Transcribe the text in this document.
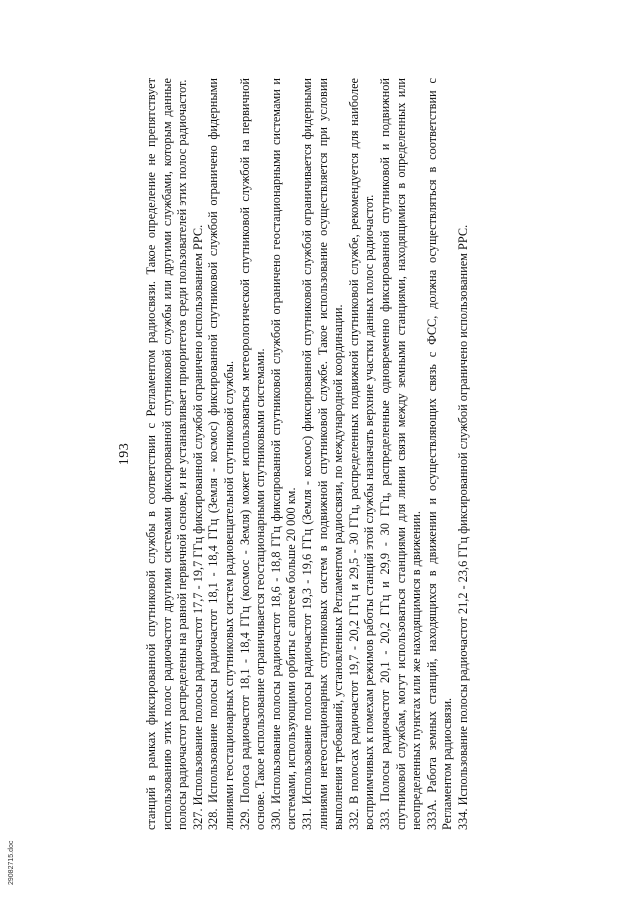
193 станций в рамках фиксированной спутниковой службы в соответствии с Регламентом радиосвязи. Такое определение не препятствует использованию этих полос радиочастот другими системами фиксированной спутниковой службы или другими службами, которым данные полосы радиочастот распределены на равной первичной основе, и не устанавливает приоритетов среди пользователей этих полос радиочастот. 327. Использование полосы радиочастот 17,7 - 19,7 ГГц фиксированной службой ограничено использованием РРС. 328. Использование полосы радиочастот 18,1 - 18,4 ГГц (Земля - космос) фиксированной спутниковой службой ограничено фидерными линиями геостационарных спутниковых систем радиовещательной спутниковой службы. 329. Полоса радиочастот 18,1 - 18,4 ГГц (космос - Земля) может использоваться метеорологической спутниковой службой на первичной основе. Такое использование ограничивается геостационарными спутниковыми системами. 330. Использование полосы радиочастот 18,6 - 18,8 ГГц фиксированной спутниковой службой ограничено геостационарными системами и системами, использующими орбиты с апогеем больше 20 000 км. 331. Использование полосы радиочастот 19,3 - 19,6 ГГц (Земля - космос) фиксированной спутниковой службой ограничивается фидерными линиями негеостационарных спутниковых систем в подвижной спутниковой службе. Такое использование осуществляется при условии выполнения требований, установленных Регламентом радиосвязи, по международной координации. 332. В полосах радиочастот 19,7 - 20,2 ГГц и 29,5 - 30 ГГц, распределенных подвижной спутниковой службе, рекомендуется для наиболее восприимчивых к помехам режимов работы станций этой службы назначать верхние участки данных полос радиочастот. 333. Полосы радиочастот 20,1 - 20,2 ГГц и 29,9 - 30 ГГц, распределенные одновременно фиксированной спутниковой и подвижной спутниковой службам, могут использоваться станциями для линии связи между земными станциями, находящимися в определенных или неопределенных пунктах или же находящимися в движении. 333А. Работа земных станций, находящихся в движении и осуществляющих связь с ФСС, должна осуществляться в соответствии с Регламентом радиосвязи. 334. Использование полосы радиочастот 21,2 - 23,6 ГГц фиксированной службой ограничено использованием РРС.

29082715.doc
